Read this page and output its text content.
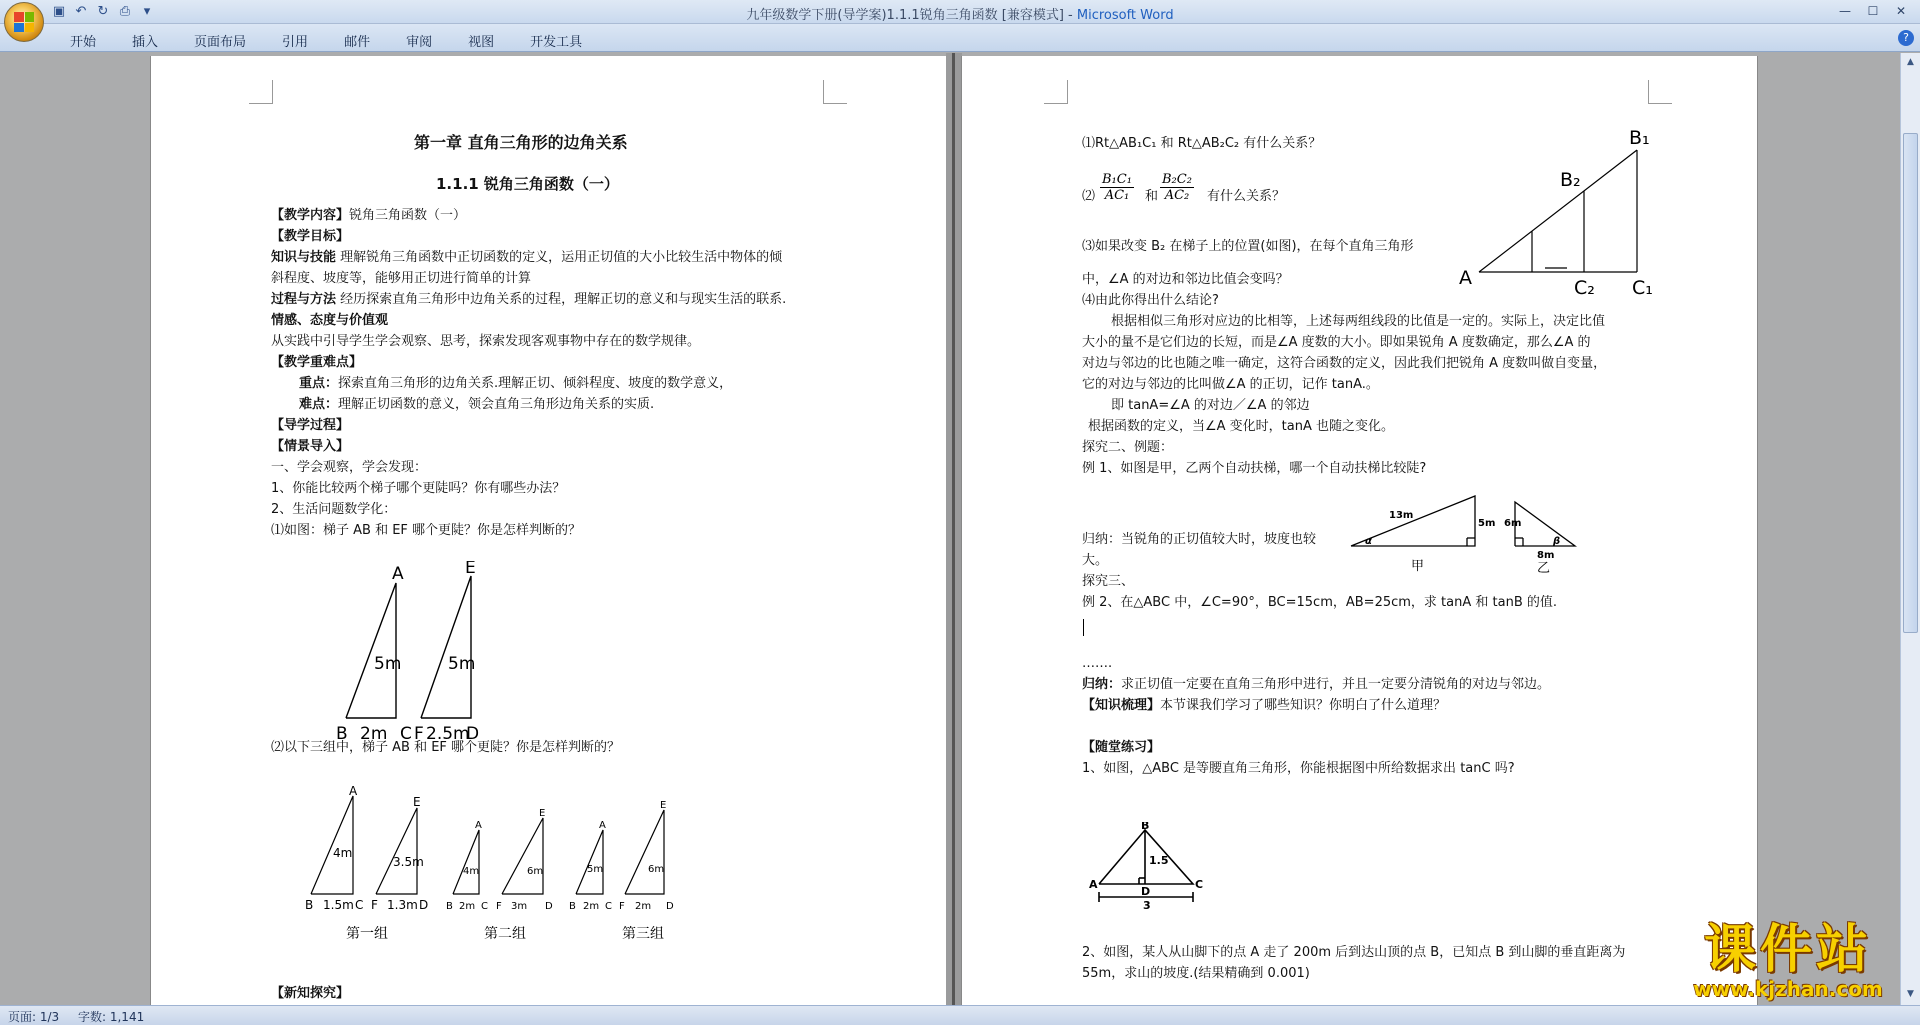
▣ ↶ ↻ ⎙	▾	九年级数学下册(导学案)1.1.1锐角三角函数 [兼容模式] - Microsoft Word	—	☐	✕
开始	插入	页面布局	引用	邮件	审阅	视图	开发工具	?
第一章 直角三角形的边角关系
1.1.1 锐角三角函数（一）
【教学内容】锐角三角函数（一）
【教学目标】
知识与技能 理解锐角三角函数中正切函数的定义，运用正切值的大小比较生活中物体的倾
斜程度、坡度等，能够用正切进行简单的计算
过程与方法 经历探索直角三角形中边角关系的过程，理解正切的意义和与现实生活的联系.
情感、态度与价值观
从实践中引导学生学会观察、思考，探索发现客观事物中存在的数学规律。
【教学重难点】
重点：探索直角三角形的边角关系.理解正切、倾斜程度、坡度的数学意义，
难点：理解正切函数的意义，领会直角三角形边角关系的实质.
【导学过程】
【情景导入】
一、学会观察，学会发现：
1、你能比较两个梯子哪个更陡吗？你有哪些办法？
2、生活问题数学化：
⑴如图：梯子 AB 和 EF 哪个更陡？你是怎样判断的？
A
B	C
5m
2m
E
F D
5m
2.5m
⑵以下三组中，梯子 AB 和 EF 哪个更陡？你是怎样判断的？
A
B	C
4m
1.5m
E
F	D
3.5m
1.3m
A
B	C
4m
2m
E
F	D
6m
3m
A
B	C
5m
2m
E
F	D
6m
2m
第一组	第二组	第三组
【新知探究】
⑴Rt△AB₁C₁ 和 Rt△AB₂C₂ 有什么关系？
⑵ $\frac{\text{B₁C₁}}{\text{AC₁}}$ 和 $\frac{\text{B₂C₂}}{\text{AC₂}}$ 有什么关系？
⑶如果改变 B₂ 在梯子上的位置(如图)，在每个直角三角形
中，∠A 的对边和邻边比值会变吗？
⑷由此你得出什么结论?
A
B₁
B₂
C₂ C₁
根据相似三角形对应边的比相等，上述每两组线段的比值是一定的。实际上，决定比值
大小的量不是它们边的长短，而是∠A 度数的大小。即如果锐角 A 度数确定，那么∠A 的
对边与邻边的比也随之唯一确定，这符合函数的定义，因此我们把锐角 A 度数叫做自变量，
它的对边与邻边的比叫做∠A 的正切，记作 tanA.。
即 tanA=∠A 的对边／∠A 的邻边
根据函数的定义，当∠A 变化时，tanA 也随之变化。
探究二、例题：
例 1、如图是甲，乙两个自动扶梯，哪一个自动扶梯比较陡?
13m
5m
α
6m
8m
β
甲	乙
归纳：当锐角的正切值较大时，坡度也较
大。
探究三、
例 2、在△ABC 中，∠C=90°，BC=15cm，AB=25cm，求 tanA 和 tanB 的值.
…….
归纳：求正切值一定要在直角三角形中进行，并且一定要分清锐角的对边与邻边。
【知识梳理】本节课我们学习了哪些知识？你明白了什么道理？
【随堂练习】
1、如图，△ABC 是等腰直角三角形，你能根据图中所给数据求出 tanC 吗?
B
A	C
D
1.5
3
2、如图，某人从山脚下的点 A 走了 200m 后到达山顶的点 B，已知点 B 到山脚的垂直距离为
55m，求山的坡度.(结果精确到 0.001)
▲
▼
页面: 1/3 字数: 1,141
课件站
www.kjzhan.com
